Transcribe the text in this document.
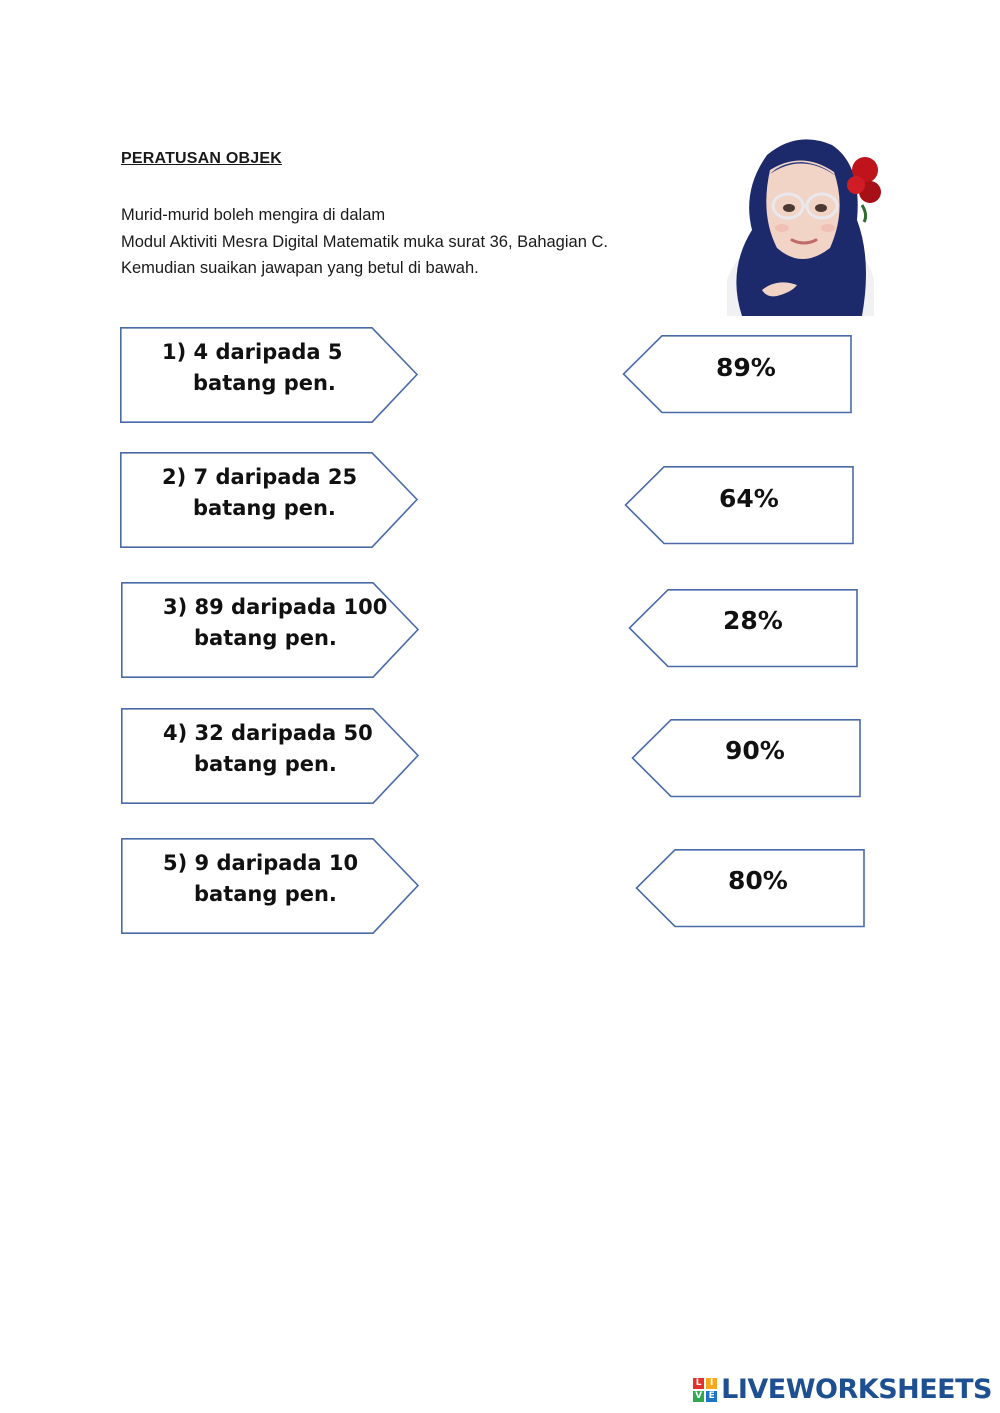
PERATUSAN OBJEK
Murid-murid boleh mengira di dalam
Modul Aktiviti Mesra Digital Matematik muka surat 36, Bahagian C.
Kemudian suaikan jawapan yang betul di bawah.
1) 4 daripada 5
batang pen.
2) 7 daripada 25
batang pen.
3) 89 daripada 100
batang pen.
4) 32 daripada 50
batang pen.
5) 9 daripada 10
batang pen.
89%
64%
28%
90%
80%
L I
V E LIVEWORKSHEETS
